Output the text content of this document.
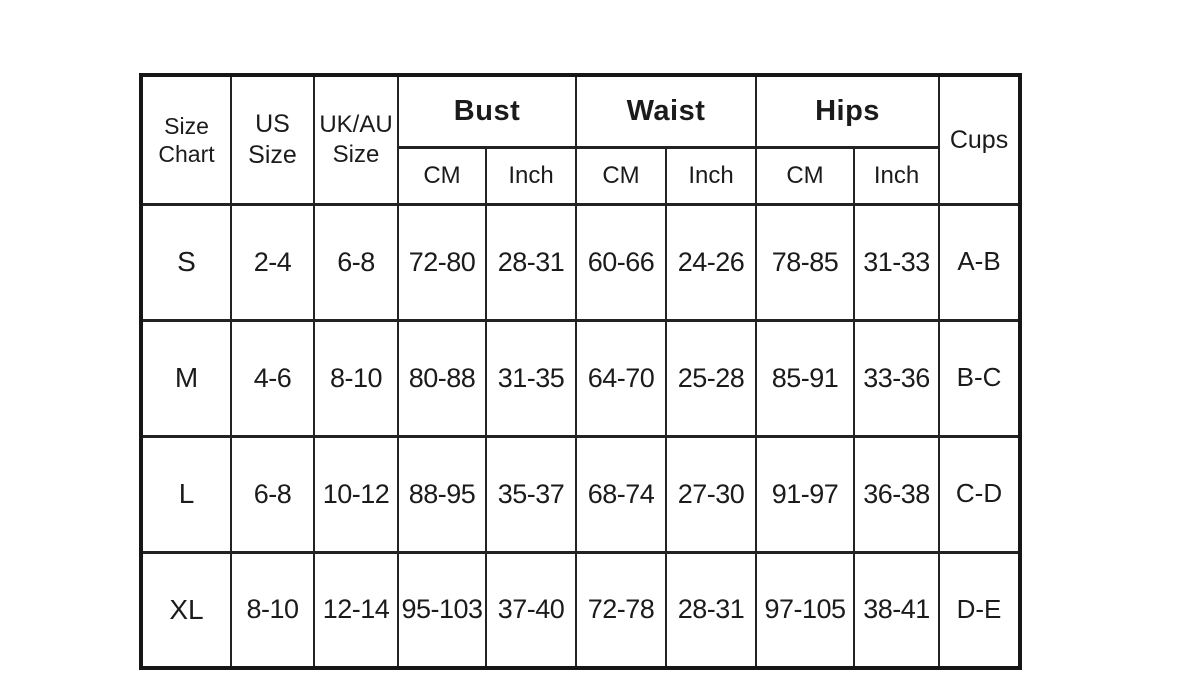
Size Chart	US Size	UK/AU Size	Bust		Waist		Hips		Cups
			CM	Inch	CM	Inch	CM	Inch	
S	2-4	6-8	72-80	28-31	60-66	24-26	78-85	31-33	A-B
M	4-6	8-10	80-88	31-35	64-70	25-28	85-91	33-36	B-C
L	6-8	10-12	88-95	35-37	68-74	27-30	91-97	36-38	C-D
XL	8-10	12-14	95-103	37-40	72-78	28-31	97-105	38-41	D-E
